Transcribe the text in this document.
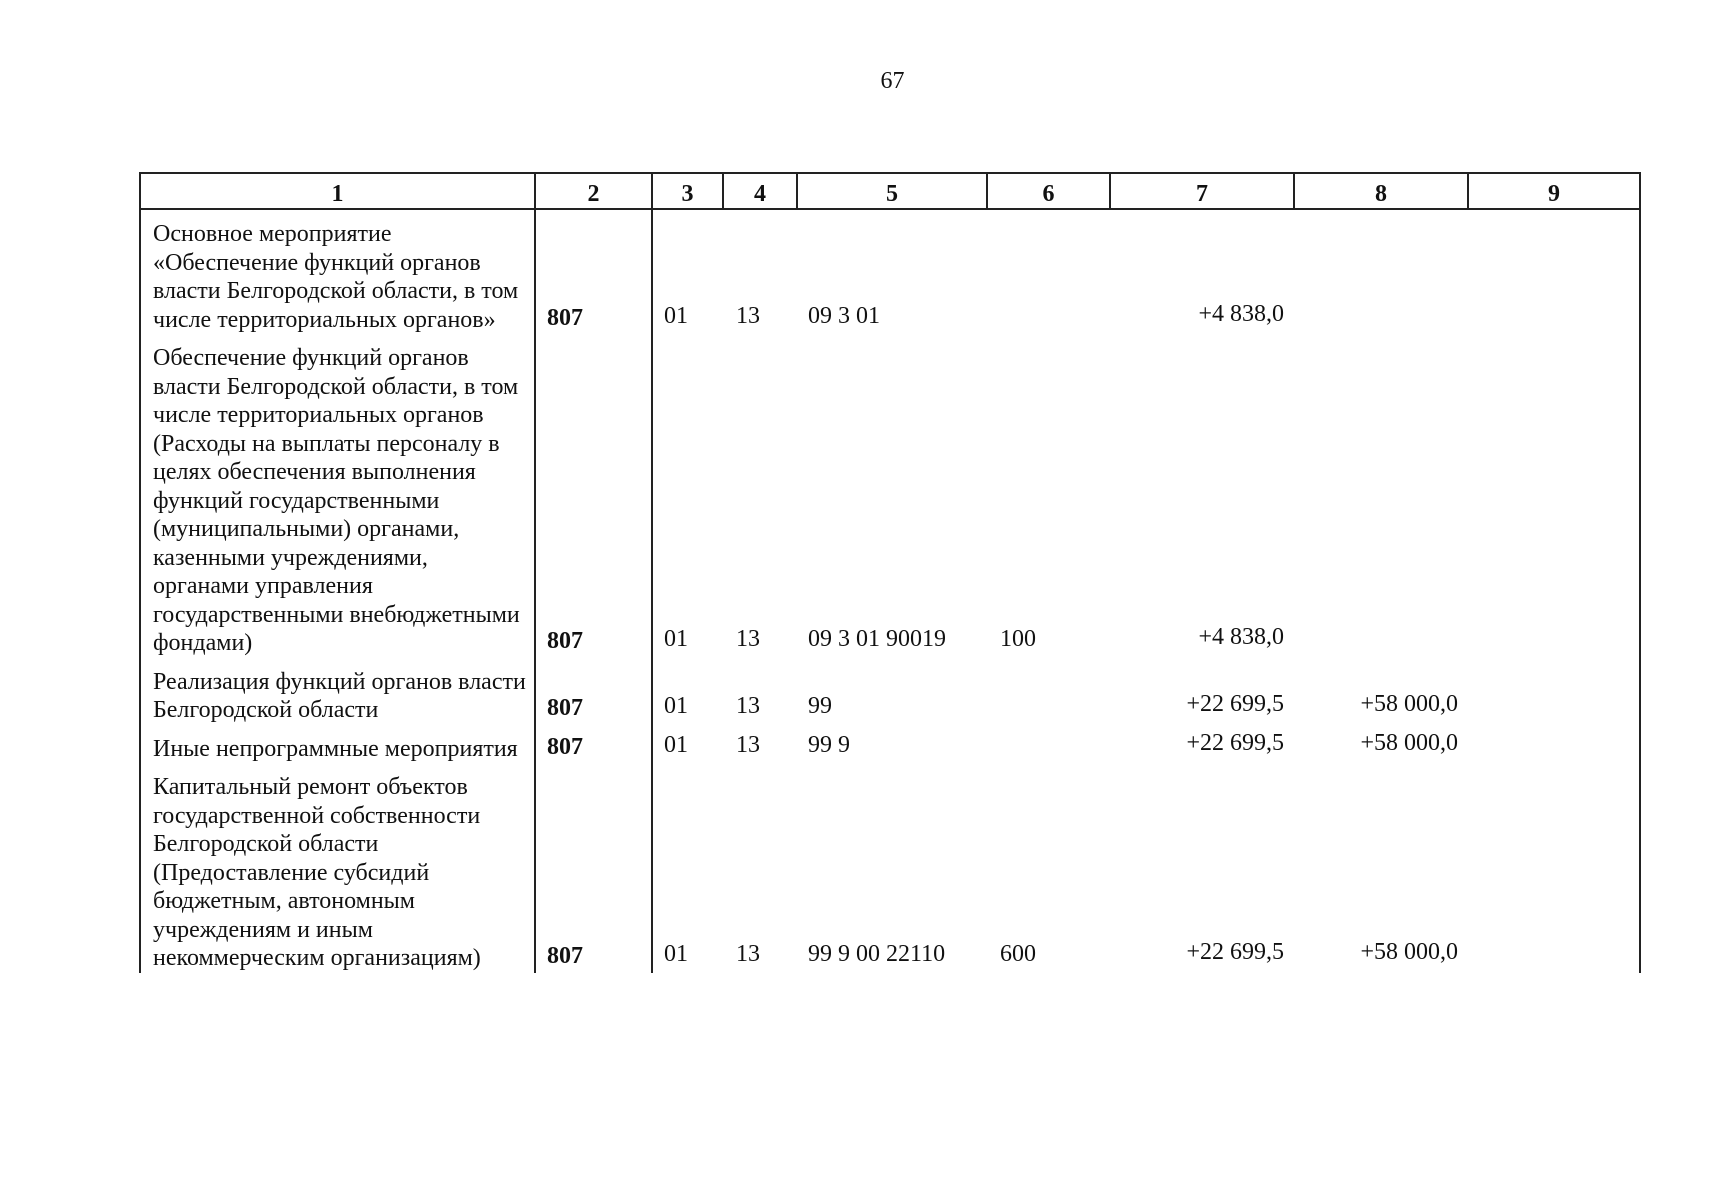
67
1	2	3	4	5	6	7	8	9
Основное мероприятие «Обеспечение функций органов власти Белгородской области, в том числе территориальных органов»	807	01	13	09 3 01		+4 838,0		
Обеспечение функций органов власти Белгородской области, в том числе территориальных органов (Расходы на выплаты персоналу в целях обеспечения выполнения функций государственными (муниципальными) органами, казенными учреждениями, органами управления государственными внебюджетными фондами)	807	01	13	09 3 01 90019	100	+4 838,0		
Реализация функций органов власти Белгородской области	807	01	13	99		+22 699,5	+58 000,0	
Иные непрограммные мероприятия	807	01	13	99 9		+22 699,5	+58 000,0	
Капитальный ремонт объектов государственной собственности Белгородской области (Предоставление субсидий бюджетным, автономным учреждениям и иным некоммерческим организациям)	807	01	13	99 9 00 22110	600	+22 699,5	+58 000,0	
